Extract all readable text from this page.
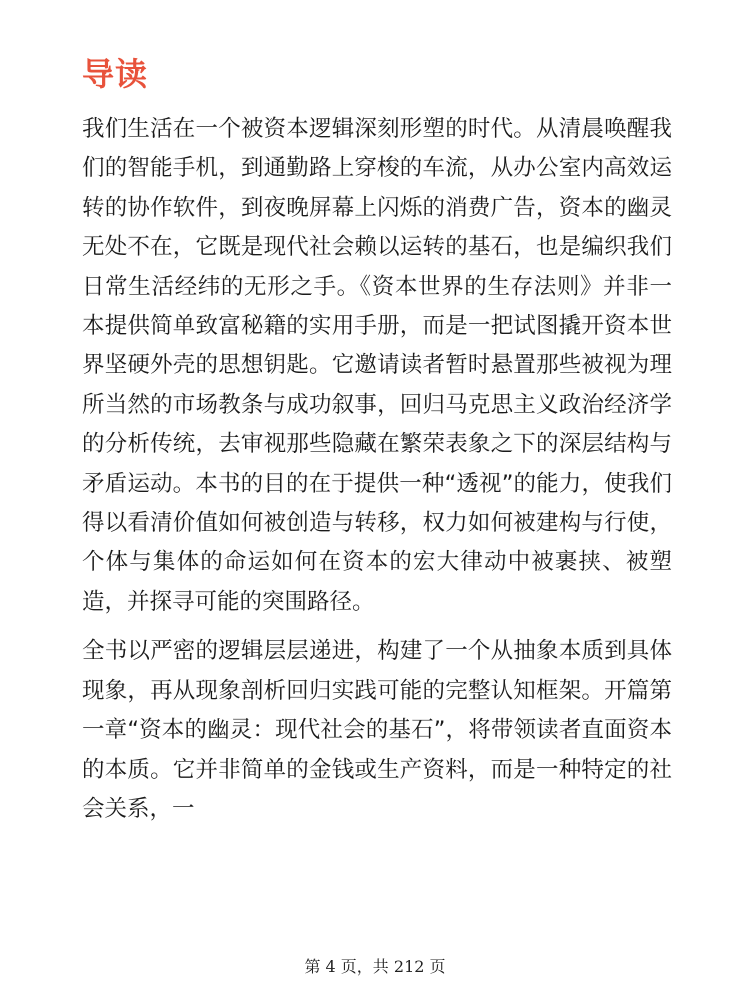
导读

我们生活在一个被资本逻辑深刻形塑的时代。从清晨唤醒我们的智能手机，到通勤路上穿梭的车流，从办公室内高效运转的协作软件，到夜晚屏幕上闪烁的消费广告，资本的幽灵无处不在，它既是现代社会赖以运转的基石，也是编织我们日常生活经纬的无形之手。《资本世界的生存法则》并非一本提供简单致富秘籍的实用手册，而是一把试图撬开资本世界坚硬外壳的思想钥匙。它邀请读者暂时悬置那些被视为理所当然的市场教条与成功叙事，回归马克思主义政治经济学的分析传统，去审视那些隐藏在繁荣表象之下的深层结构与矛盾运动。本书的目的在于提供一种“透视”的能力，使我们得以看清价值如何被创造与转移，权力如何被建构与行使，个体与集体的命运如何在资本的宏大律动中被裹挟、被塑造，并探寻可能的突围路径。

全书以严密的逻辑层层递进，构建了一个从抽象本质到具体现象，再从现象剖析回归实践可能的完整认知框架。开篇第一章“资本的幽灵：现代社会的基石”，将带领读者直面资本的本质。它并非简单的金钱或生产资料，而是一种特定的社会关系，一

第 4 页，共 212 页
